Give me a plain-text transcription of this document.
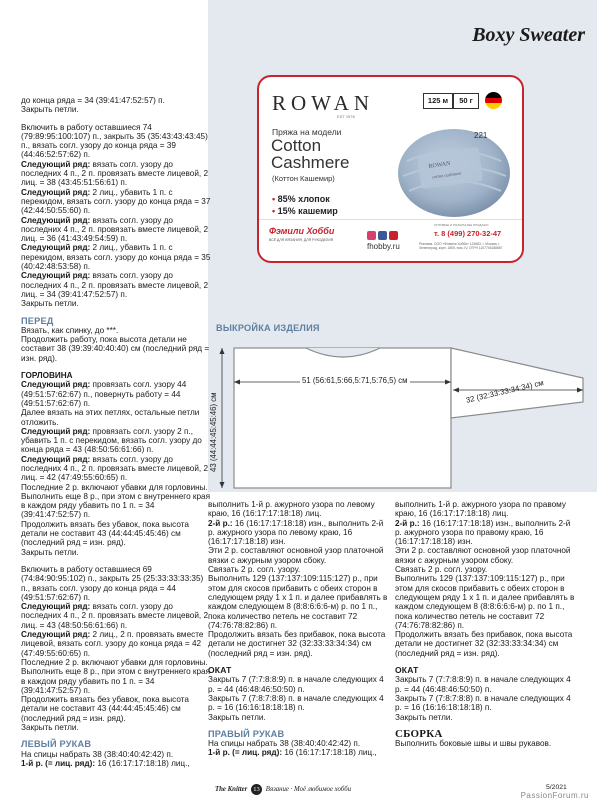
Boxy Sweater
ROWAN
EST 1978
125 м	50 г
Пряжа на модели
Cotton
Cashmere
(Коттон Кашемир)
• 85% хлопок
• 15% кашемир
ROWAN
cotton cashmere
221
Фэмили Хобби
ВСЁ ДЛЯ ВЯЗАНИЯ, ДЛЯ РУКОДЕЛИЯ
fhobby.ru
ОПТОВЫЕ И РОЗНИЧНЫЕ ПРОДАЖИ
т. 8 (499) 270-32-47
Реклама. ООО «Фэмили Хобби» 124683, г. Москва, г. Зеленоград, корп. 1805, пом. IV, ОГРН 1107746188867
ВЫКРОЙКА ИЗДЕЛИЯ
43 (44:44:45:45:46) см
51 (56:61,5:66,5:71,5:76,5) см	32 (32:33:33:34:34) см

до конца ряда = 34 (39:41:47:52:57) п.

Закрыть петли.

Включить в работу оставшиеся 74 (79:89:95:100:107) п., закрыть 35 (35:43:43:43:45) п., вязать согл. узору до конца ряда = 39 (44:46:52:57:62) п.

Следующий ряд: вязать согл. узору до последних 4 п., 2 п. провязать вместе лицевой, 2 лиц. = 38 (43:45:51:56:61) п.

Следующий ряд: 2 лиц., убавить 1 п. с перекидом, вязать согл. узору до конца ряда = 37 (42:44:50:55:60) п.

Следующий ряд: вязать согл. узору до последних 4 п., 2 п. провязать вместе лицевой, 2 лиц. = 36 (41:43:49:54:59) п.

Следующий ряд: 2 лиц., убавить 1 п. с перекидом, вязать согл. узору до конца ряда = 35 (40:42:48:53:58) п.

Следующий ряд: вязать согл. узору до последних 4 п., 2 п. провязать вместе лицевой, 2 лиц. = 34 (39:41:47:52:57) п.

Закрыть петли.

ПЕРЕД

Вязать, как спинку, до ***.

Продолжить работу, пока высота детали не составит 38 (39:39:40:40:40) см (последний ряд = изн. ряд).

ГОРЛОВИНА

Следующий ряд: провязать согл. узору 44 (49:51:57:62:67) п., повернуть работу = 44 (49:51:57:62:67) п.

Далее вязать на этих петлях, остальные петли отложить.

Следующий ряд: провязать согл. узору 2 п., убавить 1 п. с перекидом, вязать согл. узору до конца ряда = 43 (48:50:56:61:66) п.

Следующий ряд: вязать согл. узору до последних 4 п., 2 п. провязать вместе лицевой, 2 лиц. = 42 (47:49:55:60:65) п.

Последние 2 р. включают убавки для горловины.

Выполнить еще 8 р., при этом с внутреннего края в каждом ряду убавить по 1 п. = 34 (39:41:47:52:57) п.

Продолжить вязать без убавок, пока высота детали не составит 43 (44:44:45:45:46) см (последний ряд = изн. ряд).

Закрыть петли.

Включить в работу оставшиеся 69 (74:84:90:95:102) п., закрыть 25 (25:33:33:33:35) п., вязать согл. узору до конца ряда = 44 (49:51:57:62:67) п.

Следующий ряд: вязать согл. узору до последних 4 п., 2 п. провязать вместе лицевой, 2 лиц. = 43 (48:50:56:61:66) п.

Следующий ряд: 2 лиц., 2 п. провязать вместе лицевой, вязать согл. узору до конца ряда = 42 (47:49:55:60:65) п.

Последние 2 р. включают убавки для горловины.

Выполнить еще 8 р., при этом с внутреннего края в каждом ряду убавить по 1 п. = 34 (39:41:47:52:57) п.

Продолжить вязать без убавок, пока высота детали не составит 43 (44:44:45:45:46) см (последний ряд = изн. ряд).

Закрыть петли.

ЛЕВЫЙ РУКАВ

На спицы набрать 38 (38:40:40:42:42) п.

1-й р. (= лиц. ряд): 16 (16:17:17:18:18) лиц.,

выполнить 1-й р. ажурного узора по левому краю, 16 (16:17:17:18:18) лиц.

2-й р.: 16 (16:17:17:18:18) изн., выполнить 2-й р. ажурного узора по левому краю, 16 (16:17:17:18:18) изн.

Эти 2 р. составляют основной узор платочной вязки с ажурным узором сбоку.

Связать 2 р. согл. узору.

Выполнить 129 (137:137:109:115:127) р., при этом для скосов прибавить с обеих сторон в следующем ряду 1 х 1 п. и далее прибавлять в каждом следующем 8 (8:8:6:6:6-м) р. по 1 п., пока количество петель не составит 72 (74:76:78:82:86) п.

Продолжить вязать без прибавок, пока высота детали не достигнет 32 (32:33:33:34:34) см (последний ряд = изн. ряд).

ОКАТ

Закрыть 7 (7:7:8:8:9) п. в начале следующих 4 р. = 44 (46:48:46:50:50) п.

Закрыть 7 (7:8:7:8:8) п. в начале следующих 4 р. = 16 (16:16:18:18:18) п.

Закрыть петли.

ПРАВЫЙ РУКАВ

На спицы набрать 38 (38:40:40:42:42) п.

1-й р. (= лиц. ряд): 16 (16:17:17:18:18) лиц.,

выполнить 1-й р. ажурного узора по правому краю, 16 (16:17:17:18:18) лиц.

2-й р.: 16 (16:17:17:18:18) изн., выполнить 2-й р. ажурного узора по правому краю, 16 (16:17:17:18:18) изн.

Эти 2 р. составляют основной узор платочной вязки с ажурным узором сбоку.

Связать 2 р. согл. узору.

Выполнить 129 (137:137:109:115:127) р., при этом для скосов прибавить с обеих сторон в следующем ряду 1 х 1 п. и далее прибавлять в каждом следующем 8 (8:8:6:6:6-м) р. по 1 п., пока количество петель не составит 72 (74:76:78:82:86) п.

Продолжить вязать без прибавок, пока высота детали не достигнет 32 (32:33:33:34:34) см (последний ряд = изн. ряд).

ОКАТ

Закрыть 7 (7:7:8:8:9) п. в начале следующих 4 р. = 44 (46:48:46:50:50) п.

Закрыть 7 (7:8:7:8:8) п. в начале следующих 4 р. = 16 (16:16:18:18:18) п.

Закрыть петли.

СБОРКА

Выполнить боковые швы и швы рукавов.

The Knitter 13 Вязание · Моё любимое хобби	5/2021
PassionForum.ru
